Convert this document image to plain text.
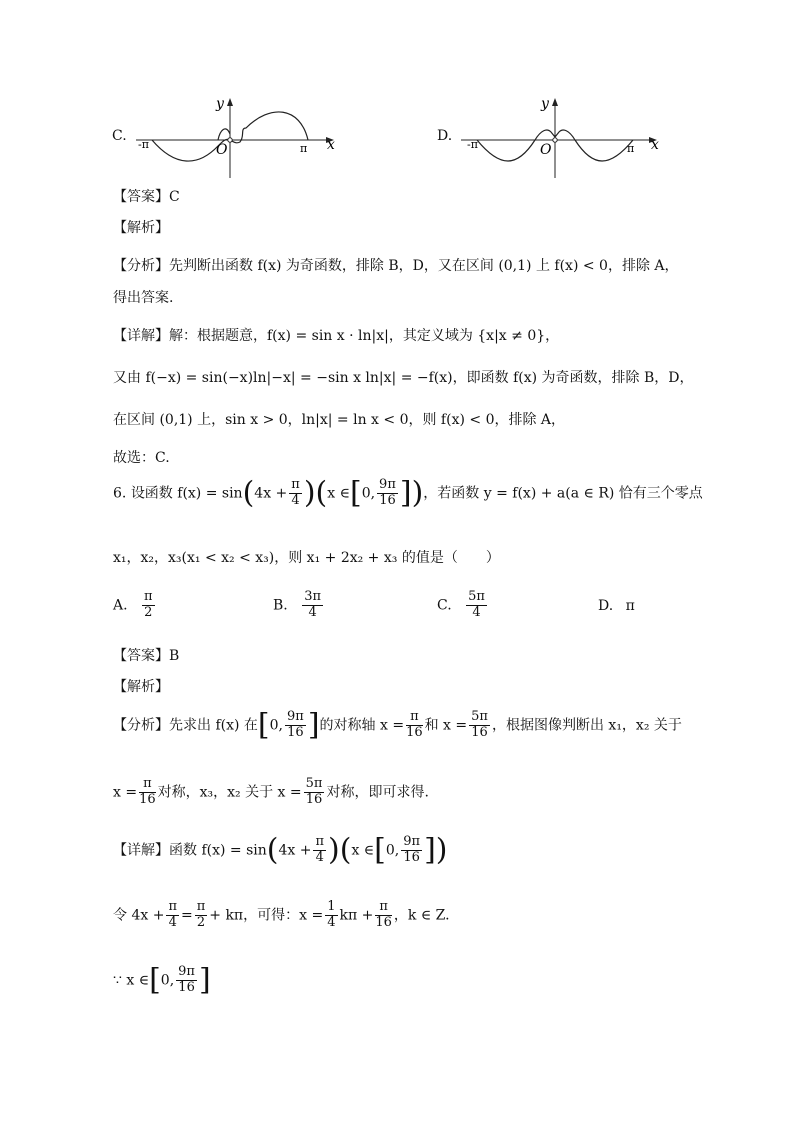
C.
-π	π
O	x
y
D.
-π	π
O	x
y
【答案】C
【解析】
【分析】先判断出函数 f(x) 为奇函数，排除 B，D，又在区间 (0,1) 上 f(x) < 0，排除 A，
得出答案.
【详解】解：根据题意，f(x) = sin x · ln|x|，其定义域为 {x|x ≠ 0}，
又由 f(−x) = sin(−x)ln|−x| = −sin x ln|x| = −f(x)，即函数 f(x) 为奇函数，排除 B，D，
在区间 (0,1) 上，sin x > 0，ln|x| = ln x < 0，则 f(x) < 0，排除 A，
故选：C.
6. 设函数 $f(x) = \sin(4x + \frac{\pi}{4} )(x$ ∈[0, $\frac{9\pi}{16}$ ])，若函数 y = f(x) + a(a ∈ R) 恰有三个零点
x₁，x₂，x₃(x₁ < x₂ < x₃)，则 x₁ + 2x₂ + x₃ 的值是（　　）
A. $\frac{\pi}{2}$	B. $\frac{3\pi}{4}$	C. $\frac{5\pi}{4}$	D. π
【答案】B
【解析】
【分析】先求出 f(x) 在[0, $\frac{9\pi}{16}$ ]的对称轴 $x = \frac{\pi}{16}$ 和 $x = \frac{5\pi}{16}$ ，根据图像判断出 x₁，x₂ 关于
$x = \frac{\pi}{16}$ 对称，x₃，x₂ 关于 $x = \frac{5\pi}{16}$ 对称，即可求得.
【详解】函数 $f(x) = \sin(4x + \frac{\pi}{4} )(x$ ∈[0, $\frac{9\pi}{16}$ ])
令 $4x + \frac{\pi}{4} = \frac{\pi}{2} + k\pi$，可得：$x = \frac{1}{4}$ $k\pi + \frac{\pi}{16}$ ，k ∈ Z.
∵ x ∈[0, $\frac{9\pi}{16}$ ]
